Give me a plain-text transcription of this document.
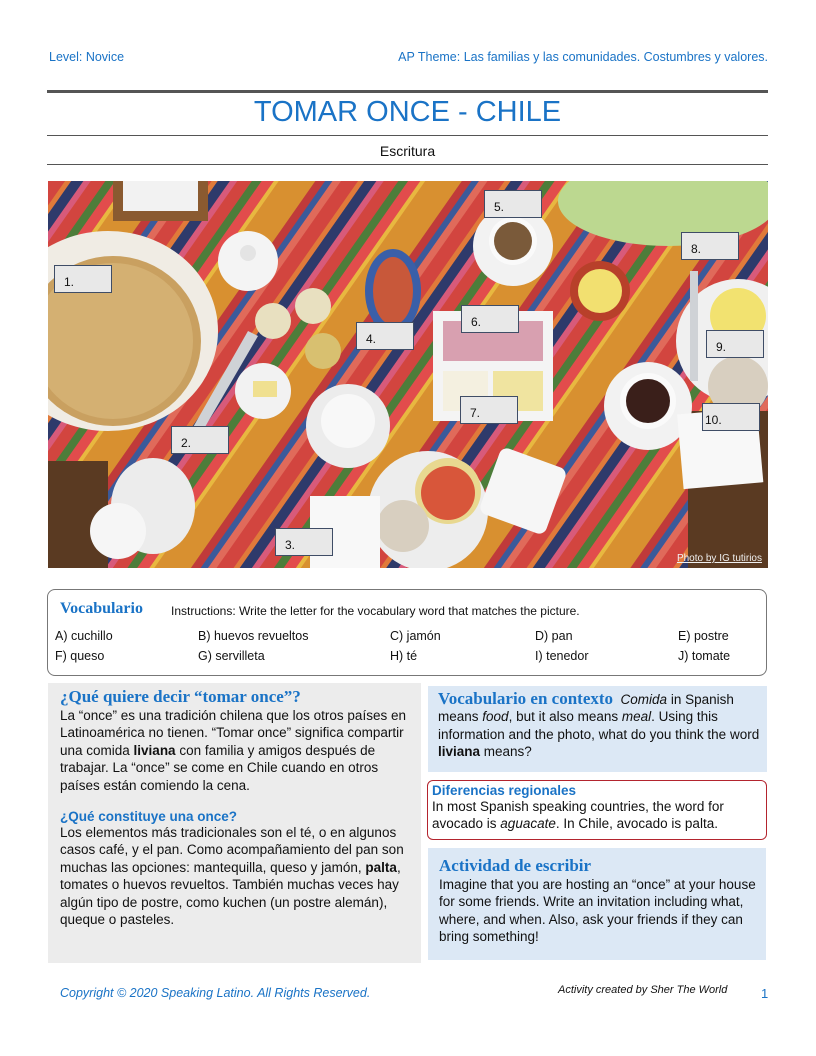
Level: Novice	AP Theme: Las familias y las comunidades. Costumbres y valores.
TOMAR ONCE - CHILE
Escritura
1.
2.
3.
4.
5.
6.
7.
8.
9.
10.
Photo by IG tutirios
Vocabulario Instructions: Write the letter for the vocabulary word that matches the picture.
A) cuchillo	B) huevos revueltos	C) jamón	D) pan	E) postre
F) queso	G) servilleta	H) té	I) tenedor	J) tomate
¿Qué quiere decir “tomar once”?
La “once” es una tradición chilena que los otros países en Latinoamérica no tienen. “Tomar once” significa compartir una comida liviana con familia y amigos después de trabajar. La “once” se come en Chile cuando en otros países están comiendo la cena.
¿Qué constituye una once?
Los elementos más tradicionales son el té, o en algunos casos café, y el pan. Como acompañamiento del pan son muchas las opciones: mantequilla, queso y jamón, palta, tomates o huevos revueltos. También muchas veces hay algún tipo de postre, como kuchen (un postre alemán), queque o pasteles.
Vocabulario en contexto Comida in Spanish means food, but it also means meal. Using this information and the photo, what do you think the word liviana means?
Diferencias regionales
In most Spanish speaking countries, the word for avocado is aguacate. In Chile, avocado is palta.
Actividad de escribir
Imagine that you are hosting an “once” at your house for some friends. Write an invitation including what, where, and when. Also, ask your friends if they can bring something!
Copyright © 2020 Speaking Latino. All Rights Reserved.	Activity created by Sher The World	1
